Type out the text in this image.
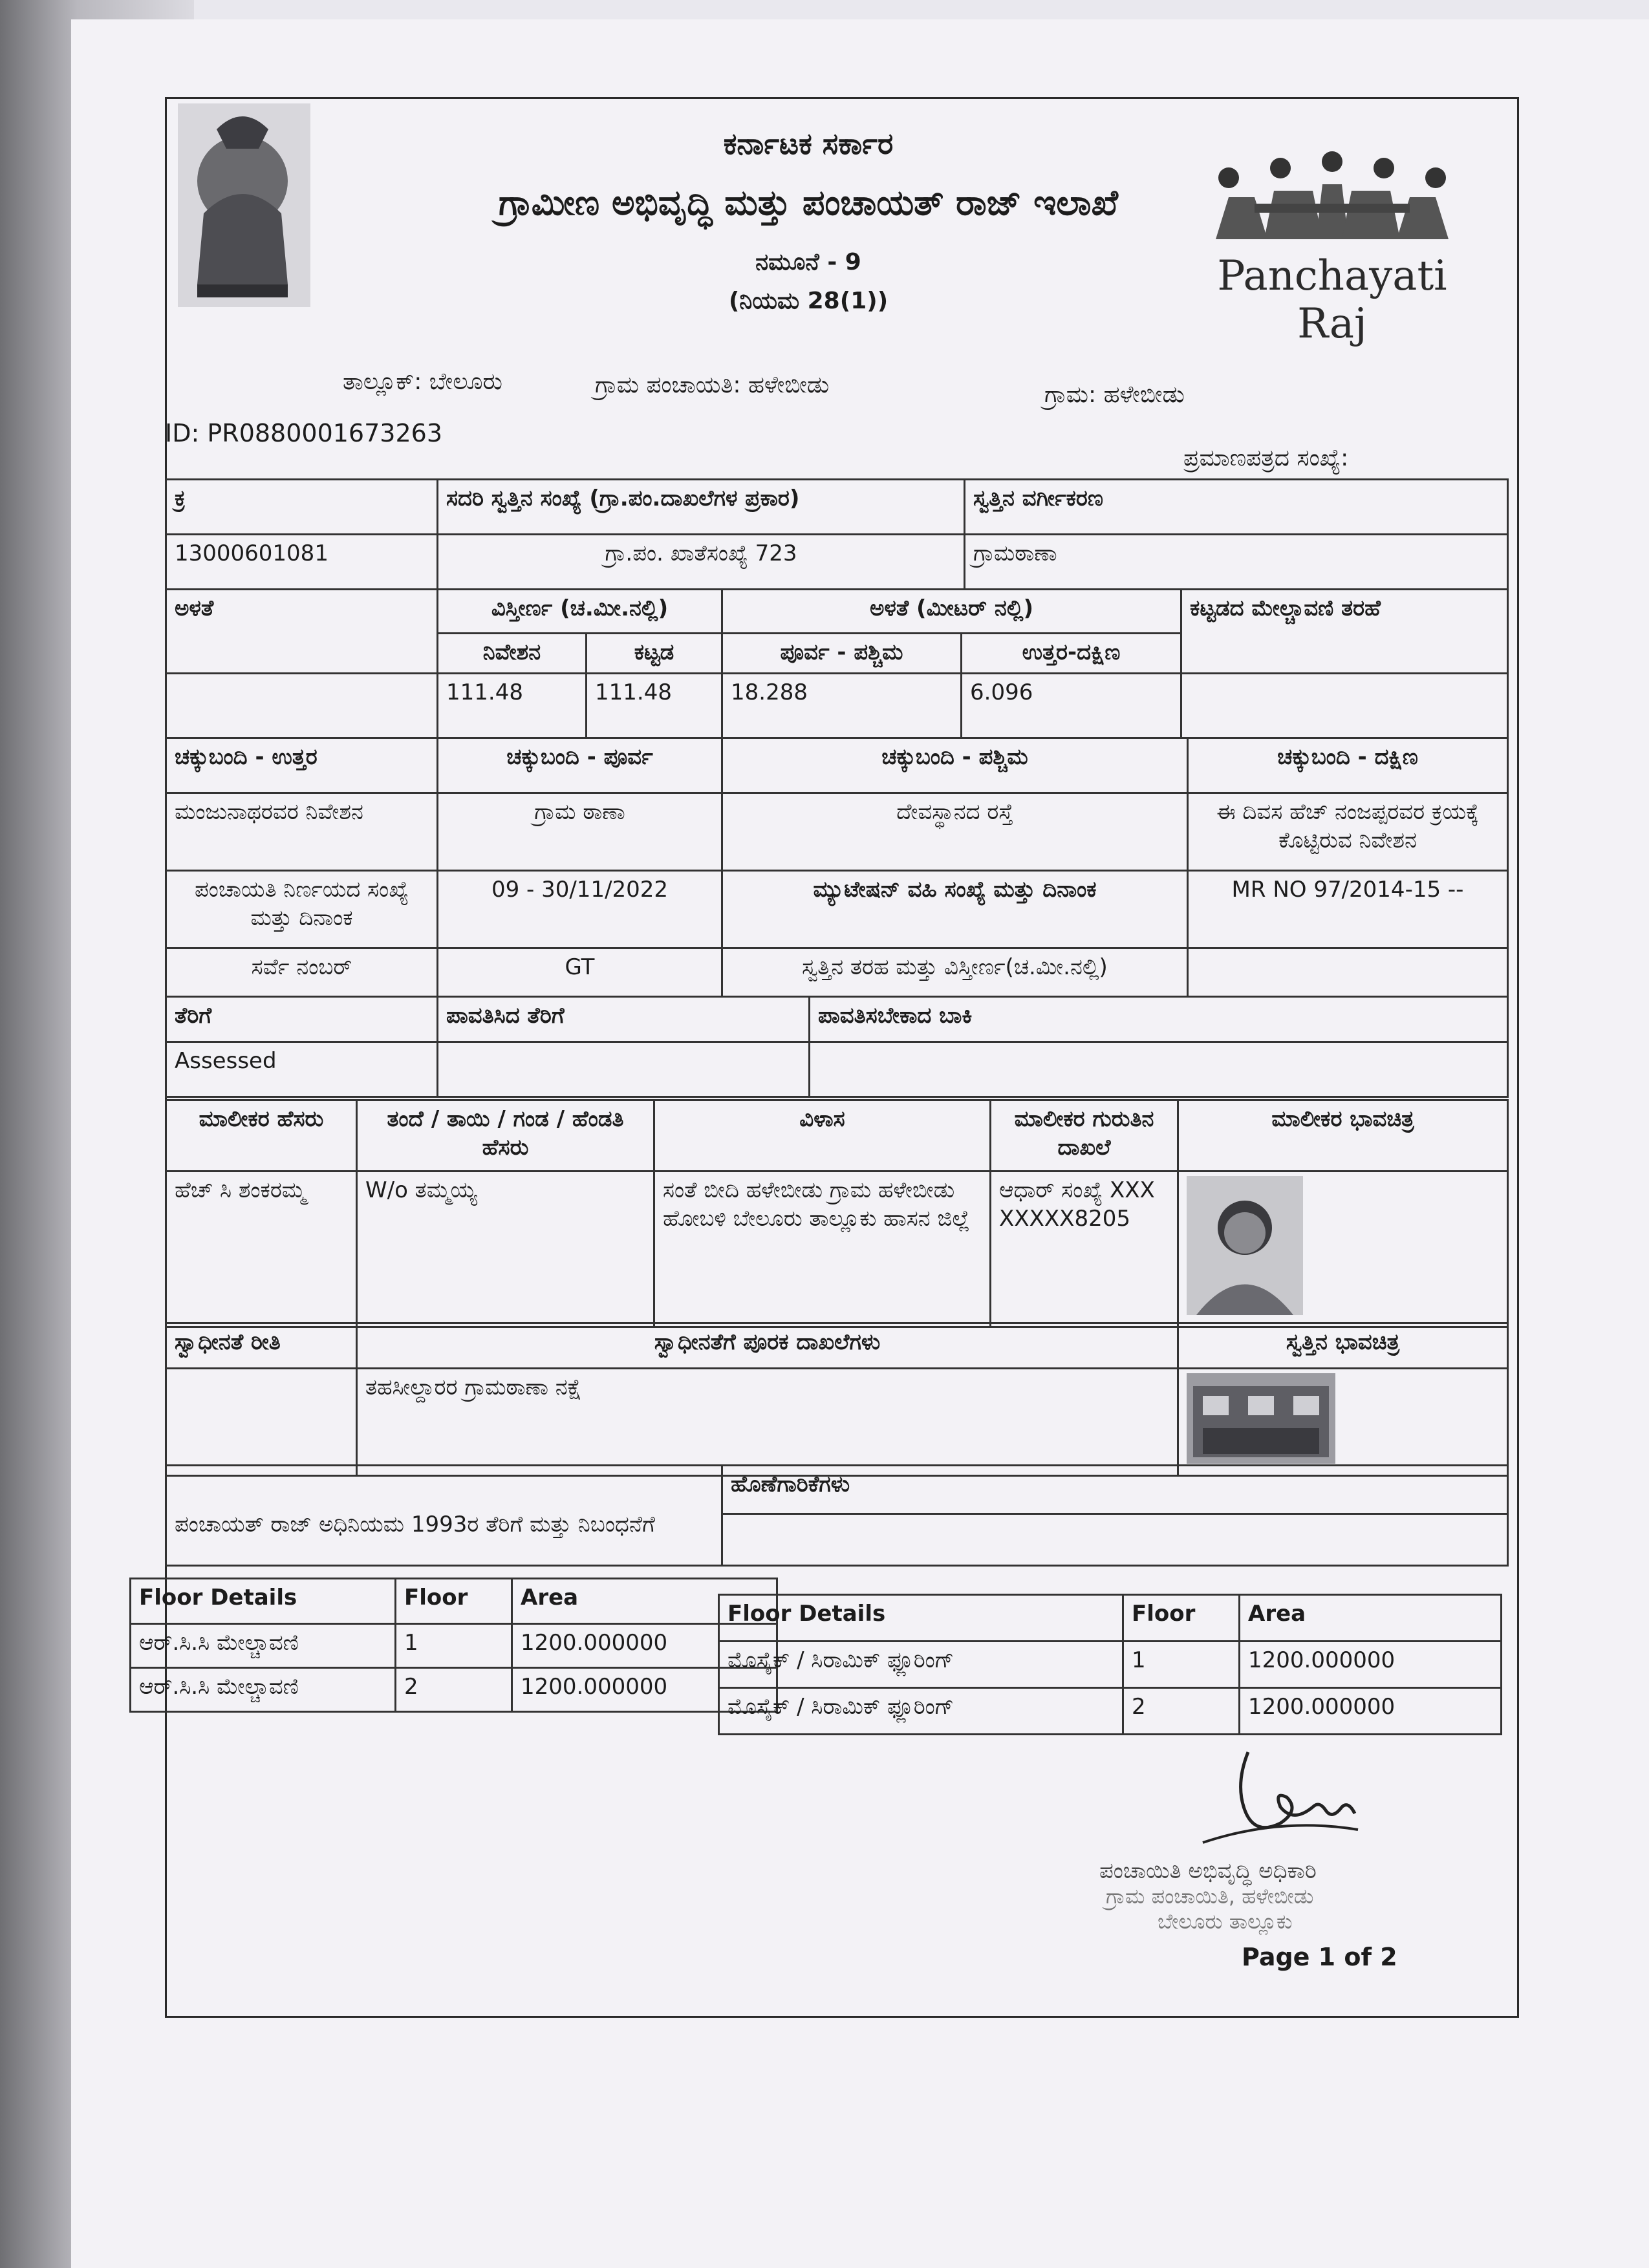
ಕರ್ನಾಟಕ ಸರ್ಕಾರ
ಗ್ರಾಮೀಣ ಅಭಿವೃದ್ಧಿ ಮತ್ತು ಪಂಚಾಯತ್ ರಾಜ್ ಇಲಾಖೆ
ನಮೂನೆ - 9
(ನಿಯಮ 28(1))
Panchayati Raj
ತಾಲ್ಲೂಕ್: ಬೇಲೂರು	ಗ್ರಾಮ ಪಂಚಾಯತಿ: ಹಳೇಬೀಡು	ಗ್ರಾಮ: ಹಳೇಬೀಡು
ID: PR0880001673263
ಪ್ರಮಾಣಪತ್ರದ ಸಂಖ್ಯೆ:
ಕ್ರ	ಸದರಿ ಸ್ವತ್ತಿನ ಸಂಖ್ಯೆ (ಗ್ರಾ.ಪಂ.ದಾಖಲೆಗಳ ಪ್ರಕಾರ)	ಸ್ವತ್ತಿನ ವರ್ಗೀಕರಣ
13000601081	ಗ್ರಾ.ಪಂ. ಖಾತೆಸಂಖ್ಯೆ 723	ಗ್ರಾಮಠಾಣಾ
ಅಳತೆ	ವಿಸ್ತೀರ್ಣ (ಚ.ಮೀ.ನಲ್ಲಿ)		ಅಳತೆ (ಮೀಟರ್ ನಲ್ಲಿ)		ಕಟ್ಟಡದ ಮೇಲ್ಚಾವಣಿ ತರಹೆ
	ನಿವೇಶನ	ಕಟ್ಟಡ	ಪೂರ್ವ - ಪಶ್ಚಿಮ	ಉತ್ತರ-ದಕ್ಷಿಣ	
	111.48	111.48	18.288	6.096	
ಚಕ್ಕುಬಂದಿ - ಉತ್ತರ	ಚಕ್ಕುಬಂದಿ - ಪೂರ್ವ	ಚಕ್ಕುಬಂದಿ - ಪಶ್ಚಿಮ	ಚಕ್ಕುಬಂದಿ - ದಕ್ಷಿಣ
ಮಂಜುನಾಥರವರ ನಿವೇಶನ	ಗ್ರಾಮ ಠಾಣಾ	ದೇವಸ್ಥಾನದ ರಸ್ತೆ	ಈ ದಿವಸ ಹೆಚ್ ನಂಜಪ್ಪರವರ ಕ್ರಯಕ್ಕೆ ಕೊಟ್ಟಿರುವ ನಿವೇಶನ
ಪಂಚಾಯತಿ ನಿರ್ಣಯದ ಸಂಖ್ಯೆ ಮತ್ತು ದಿನಾಂಕ	09 - 30/11/2022	ಮ್ಯುಟೇಷನ್ ವಹಿ ಸಂಖ್ಯೆ ಮತ್ತು ದಿನಾಂಕ	MR NO 97/2014-15 --
ಸರ್ವೆ ನಂಬರ್	GT	ಸ್ವತ್ತಿನ ತರಹ ಮತ್ತು ವಿಸ್ತೀರ್ಣ(ಚ.ಮೀ.ನಲ್ಲಿ)	
ತೆರಿಗೆ	ಪಾವತಿಸಿದ ತೆರಿಗೆ	ಪಾವತಿಸಬೇಕಾದ ಬಾಕಿ
Assessed		
ಮಾಲೀಕರ ಹೆಸರು	ತಂದೆ / ತಾಯಿ / ಗಂಡ / ಹೆಂಡತಿ ಹೆಸರು	ವಿಳಾಸ	ಮಾಲೀಕರ ಗುರುತಿನ ದಾಖಲೆ	ಮಾಲೀಕರ ಭಾವಚಿತ್ರ
ಹೆಚ್ ಸಿ ಶಂಕರಮ್ಮ	W/o ತಮ್ಮಯ್ಯ	ಸಂತೆ ಬೀದಿ ಹಳೇಬೀಡು ಗ್ರಾಮ ಹಳೇಬೀಡು ಹೋಬಳಿ ಬೇಲೂರು ತಾಲ್ಲೂಕು ಹಾಸನ ಜಿಲ್ಲೆ	ಆಧಾರ್ ಸಂಖ್ಯೆ XXXXXXXX8205	
ಸ್ವಾಧೀನತೆ ರೀತಿ	ಸ್ವಾಧೀನತೆಗೆ ಪೂರಕ ದಾಖಲೆಗಳು	ಸ್ವತ್ತಿನ ಭಾವಚಿತ್ರ
	ತಹಸೀಲ್ದಾರರ ಗ್ರಾಮಠಾಣಾ ನಕ್ಷೆ	
ಪಂಚಾಯತ್ ರಾಜ್ ಅಧಿನಿಯಮ 1993ರ ತೆರಿಗೆ ಮತ್ತು ನಿಬಂಧನೆಗೆ	ಹೊಣೆಗಾರಿಕೆಗಳು

Floor Details	Floor	Area
ಆರ್.ಸಿ.ಸಿ ಮೇಲ್ಚಾವಣಿ	1	1200.000000
ಆರ್.ಸಿ.ಸಿ ಮೇಲ್ಚಾವಣಿ	2	1200.000000
Floor Details	Floor	Area
ಮೊಸೈಕ್ / ಸಿರಾಮಿಕ್ ಫ್ಲೂರಿಂಗ್	1	1200.000000
ಮೊಸೈಕ್ / ಸಿರಾಮಿಕ್ ಫ್ಲೂರಿಂಗ್	2	1200.000000
ಪಂಚಾಯಿತಿ ಅಭಿವೃದ್ಧಿ ಅಧಿಕಾರಿ
ಗ್ರಾಮ ಪಂಚಾಯಿತಿ, ಹಳೇಬೀಡು
ಬೇಲೂರು ತಾಲ್ಲೂಕು
Page 1 of 2
